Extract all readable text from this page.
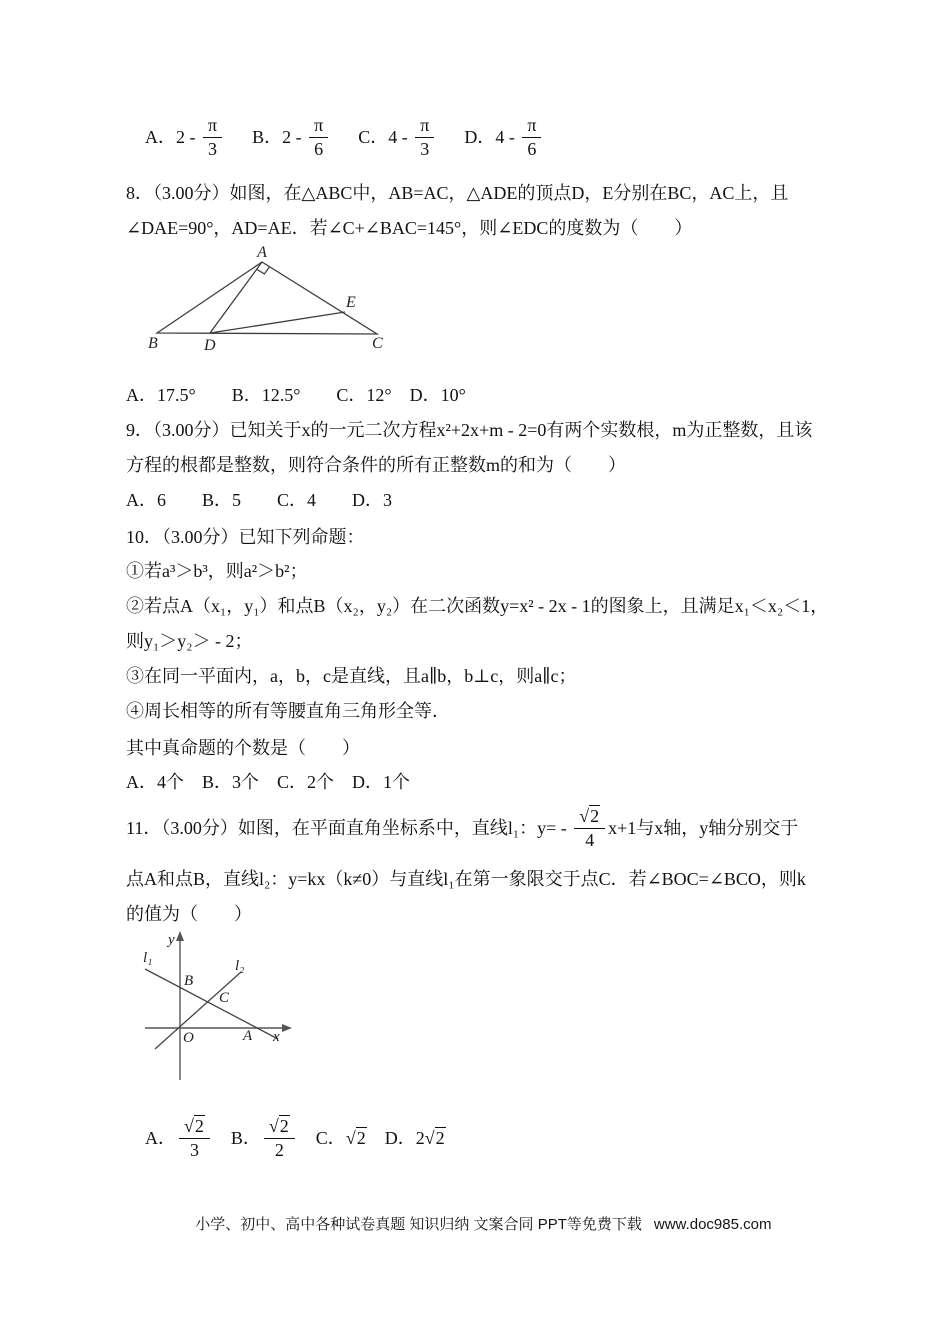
A． $2 - \frac{\pi}{3}$ B． $2 - \frac{\pi}{6}$ C． $4 - \frac{\pi}{3}$ D． $4 - \frac{\pi}{6}$
8．（3.00分）如图，在△ABC中，AB=AC，△ADE的顶点D，E分别在BC，AC上，且
∠DAE=90°，AD=AE．若∠C+∠BAC=145°，则∠EDC的度数为（　　）
A
B	D	C
E
A．17.5°　　B．12.5°　　C．12°　D．10°
9．（3.00分）已知关于x的一元二次方程x²+2x+m - 2=0有两个实数根，m为正整数，且该
方程的根都是整数，则符合条件的所有正整数m的和为（　　）
A．6　　B．5　　C．4　　D．3
10．（3.00分）已知下列命题：
①若a³＞b³，则a²＞b²；
②若点A（x₁，y₁）和点B（x₂，y₂）在二次函数y=x² - 2x - 1的图象上，且满足x₁＜x₂＜1，
则y₁＞y₂＞ - 2；
③在同一平面内，a，b，c是直线，且a∥b，b⊥c，则a∥c；
④周长相等的所有等腰直角三角形全等．
其中真命题的个数是（　　）
A．4个　B．3个　C．2个　D．1个
11．（3.00分）如图，在平面直角坐标系中，直线l₁：$y= - \frac{√2}{4} x+1$与x轴，y轴分别交于
点A和点B，直线l₂：y=kx（k≠0）与直线l₁在第一象限交于点C．若∠BOC=∠BCO，则k
的值为（　　）
y
l₁	l₂
B
C
O	A x
A． $\frac{√2}{3}$ B． $\frac{√2}{2}$ C． √2 D． 2 √2

小学、初中、高中各种试卷真题 知识归纳 文案合同 PPT等免费下载 www.doc985.com
